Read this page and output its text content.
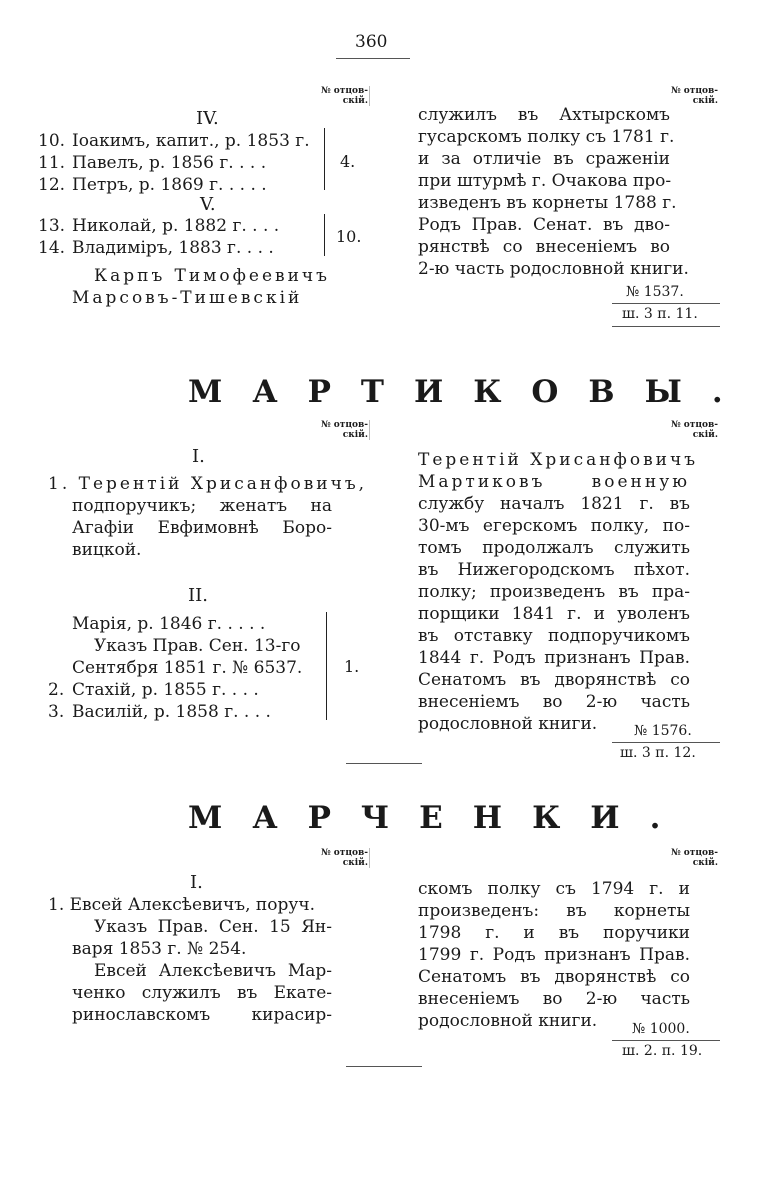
360
№ отцов-
скій.
№ отцов-
скій.
IV.
10. Іоакимъ, капит., р. 1853 г.
11. Павелъ, р. 1856 г. . . .
12. Петръ, р. 1869 г. . . . .
4.
V.
13. Николай, р. 1882 г. . . .
14. Владиміръ, 1883 г. . . .
10.
Карпъ Тимофеевичъ
Марсовъ-Тишевскій
служилъ въ Ахтырскомъ
гусарскомъ полку съ 1781 г.
и за отличіе въ сраженіи
при штурмѣ г. Очакова про-
изведенъ въ корнеты 1788 г.
Родъ Прав. Сенат. въ дво-
рянствѣ со внесеніемъ во
2-ю часть родословной книги.
№ 1537.
ш. 3 п. 11.
МАРТИКОВЫ.
№ отцов-
скій.
№ отцов-
скій.
I.
1. Терентій Хрисанфовичъ,
подпоручикъ; женатъ на
Агафіи Евфимовнѣ Боро-
вицкой.
II.
Марія, р. 1846 г. . . . .
Указъ Прав. Сен. 13-го
Сентября 1851 г. № 6537.
2. Стахій, р. 1855 г. . . .
3. Василій, р. 1858 г. . . .
1.
Терентій Хрисанфовичъ
Мартиковъ военную
службу началъ 1821 г. въ
30-мъ егерскомъ полку, по-
томъ продолжалъ служить
въ Нижегородскомъ пѣхот.
полку; произведенъ въ пра-
порщики 1841 г. и уволенъ
въ отставку подпоручикомъ
1844 г. Родъ признанъ Прав.
Сенатомъ въ дворянствѣ со
внесеніемъ во 2-ю часть
родословной книги.	№ 1576.
ш. 3 п. 12.
МАРЧЕНКИ.
№ отцов-
скій.
№ отцов-
скій.
I.
1. Евсей Алексѣевичъ, поруч.
Указъ Прав. Сен. 15 Ян-
варя 1853 г. № 254.
Евсей Алексѣевичъ Мар-
ченко служилъ въ Екате-
ринославскомъ кирасир-
скомъ полку съ 1794 г. и
произведенъ: въ корнеты
1798 г. и въ поручики
1799 г. Родъ признанъ Прав.
Сенатомъ въ дворянствѣ со
внесеніемъ во 2-ю часть
родословной книги. № 1000.
ш. 2. п. 19.
